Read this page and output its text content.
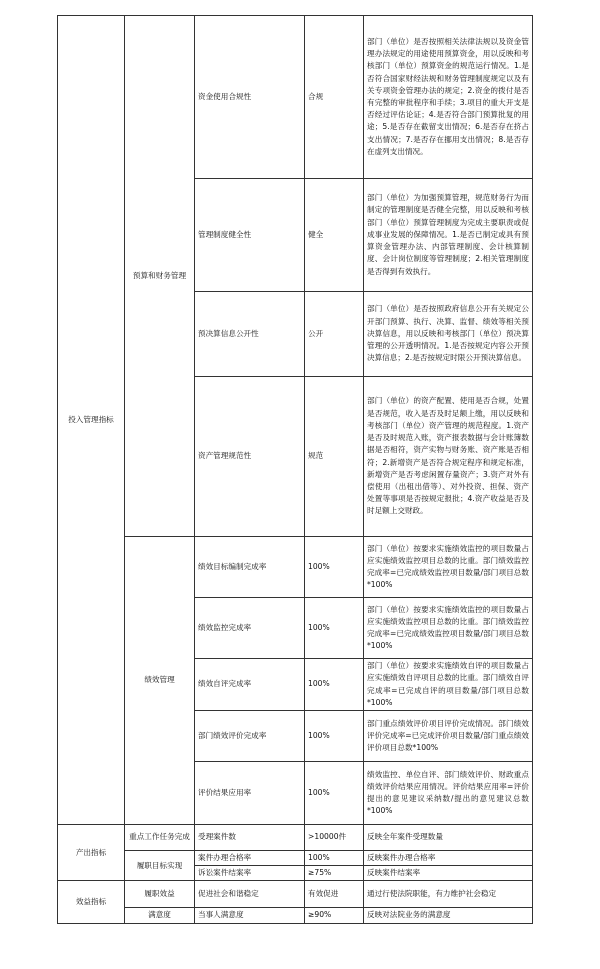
投入管理指标	预算和财务管理	资金使用合规性	合规	部门（单位）是否按照相关法律法规以及资金管理办法规定的用途使用预算资金，用以反映和考核部门（单位）预算资金的规范运行情况。1.是否符合国家财经法规和财务管理制度规定以及有关专项资金管理办法的规定；2.资金的拨付是否有完整的审批程序和手续；3.项目的重大开支是否经过评估论证；4.是否符合部门预算批复的用途；5.是否存在截留支出情况；6.是否存在挤占支出情况；7.是否存在挪用支出情况；8.是否存在虚列支出情况。
		管理制度健全性	健全	部门（单位）为加强预算管理，规范财务行为而制定的管理制度是否健全完整，用以反映和考核部门（单位）预算管理制度为完成主要职责或促成事业发展的保障情况。1.是否已制定或具有预算资金管理办法、内部管理制度、会计核算制度、会计岗位制度等管理制度；2.相关管理制度是否得到有效执行。
		预决算信息公开性	公开	部门（单位）是否按照政府信息公开有关规定公开部门预算、执行、决算、监督、绩效等相关预决算信息，用以反映和考核部门（单位）预决算管理的公开透明情况。1.是否按规定内容公开预决算信息；2.是否按规定时限公开预决算信息。
		资产管理规范性	规范	部门（单位）的资产配置、使用是否合规，处置是否规范，收入是否及时足额上缴，用以反映和考核部门（单位）资产管理的规范程度。1.资产是否及时规范入账，资产报表数据与会计账簿数据是否相符，资产实物与财务账、资产账是否相符；2.新增资产是否符合规定程序和规定标准，新增资产是否考虑闲置存量资产；3.资产对外有偿使用（出租出借等）、对外投资、担保、资产处置等事项是否按规定报批；4.资产收益是否及时足额上交财政。
	绩效管理	绩效目标编制完成率	100%	部门（单位）按要求实施绩效监控的项目数量占应实施绩效监控项目总数的比重。部门绩效监控完成率=已完成绩效监控项目数量/部门项目总数*100%
		绩效监控完成率	100%	部门（单位）按要求实施绩效监控的项目数量占应实施绩效监控项目总数的比重。部门绩效监控完成率=已完成绩效监控项目数量/部门项目总数*100%
		绩效自评完成率	100%	部门（单位）按要求实施绩效自评的项目数量占应实施绩效自评项目总数的比重。部门绩效自评完成率=已完成自评的项目数量/部门项目总数*100%
		部门绩效评价完成率	100%	部门重点绩效评价项目评价完成情况。部门绩效评价完成率=已完成评价项目数量/部门重点绩效评价项目总数*100%
		评价结果应用率	100%	绩效监控、单位自评、部门绩效评价、财政重点绩效评价结果应用情况。评价结果应用率=评价提出的意见建议采纳数/提出的意见建议总数*100%
产出指标	重点工作任务完成	受理案件数	>10000件	反映全年案件受理数量
	履职目标实现	案件办理合格率	100%	反映案件办理合格率
		诉讼案件结案率	≥75%	反映案件结案率
效益指标	履职效益	促进社会和谐稳定	有效促进	通过行使法院职能，有力维护社会稳定
	满意度	当事人满意度	≥90%	反映对法院业务的满意度
